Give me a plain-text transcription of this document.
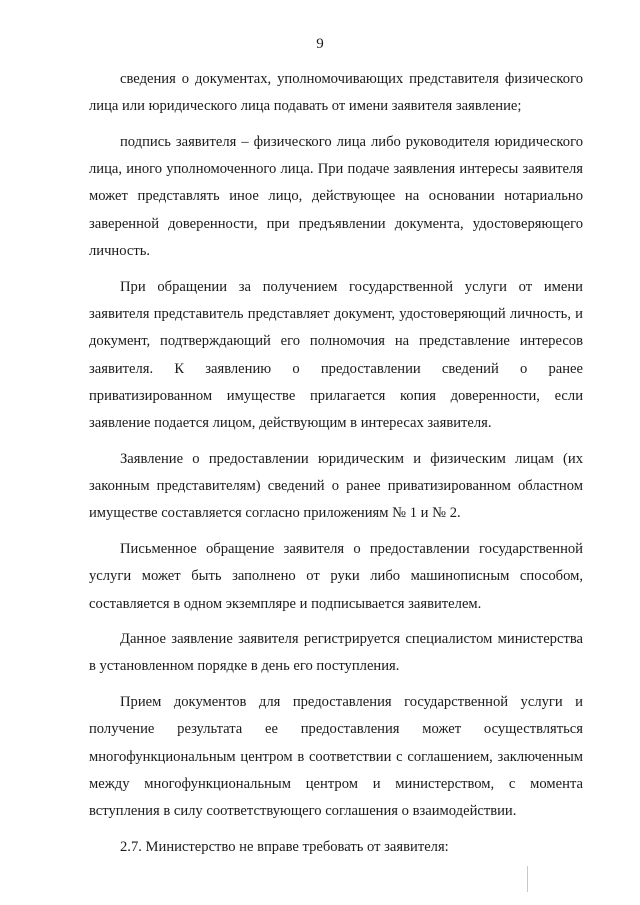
9

сведения о документах, уполномочивающих представителя физического лица или юридического лица подавать от имени заявителя заявление;

подпись заявителя – физического лица либо руководителя юридического лица, иного уполномоченного лица. При подаче заявления интересы заявителя может представлять иное лицо, действующее на основании нотариально заверенной доверенности, при предъявлении документа, удостоверяющего личность.

При обращении за получением государственной услуги от имени заявителя представитель представляет документ, удостоверяющий личность, и документ, подтверждающий его полномочия на представление интересов заявителя. К заявлению о предоставлении сведений о ранее приватизированном имуществе прилагается копия доверенности, если заявление подается лицом, действующим в интересах заявителя.

Заявление о предоставлении юридическим и физическим лицам (их законным представителям) сведений о ранее приватизированном областном имуществе составляется согласно приложениям № 1 и № 2.

Письменное обращение заявителя о предоставлении государственной услуги может быть заполнено от руки либо машинописным способом, составляется в одном экземпляре и подписывается заявителем.

Данное заявление заявителя регистрируется специалистом министерства в установленном порядке в день его поступления.

Прием документов для предоставления государственной услуги и получение результата ее предоставления может осуществляться многофункциональным центром в соответствии с соглашением, заключенным между многофункциональным центром и министерством, с момента вступления в силу соответствующего соглашения о взаимодействии.

2.7. Министерство не вправе требовать от заявителя:
